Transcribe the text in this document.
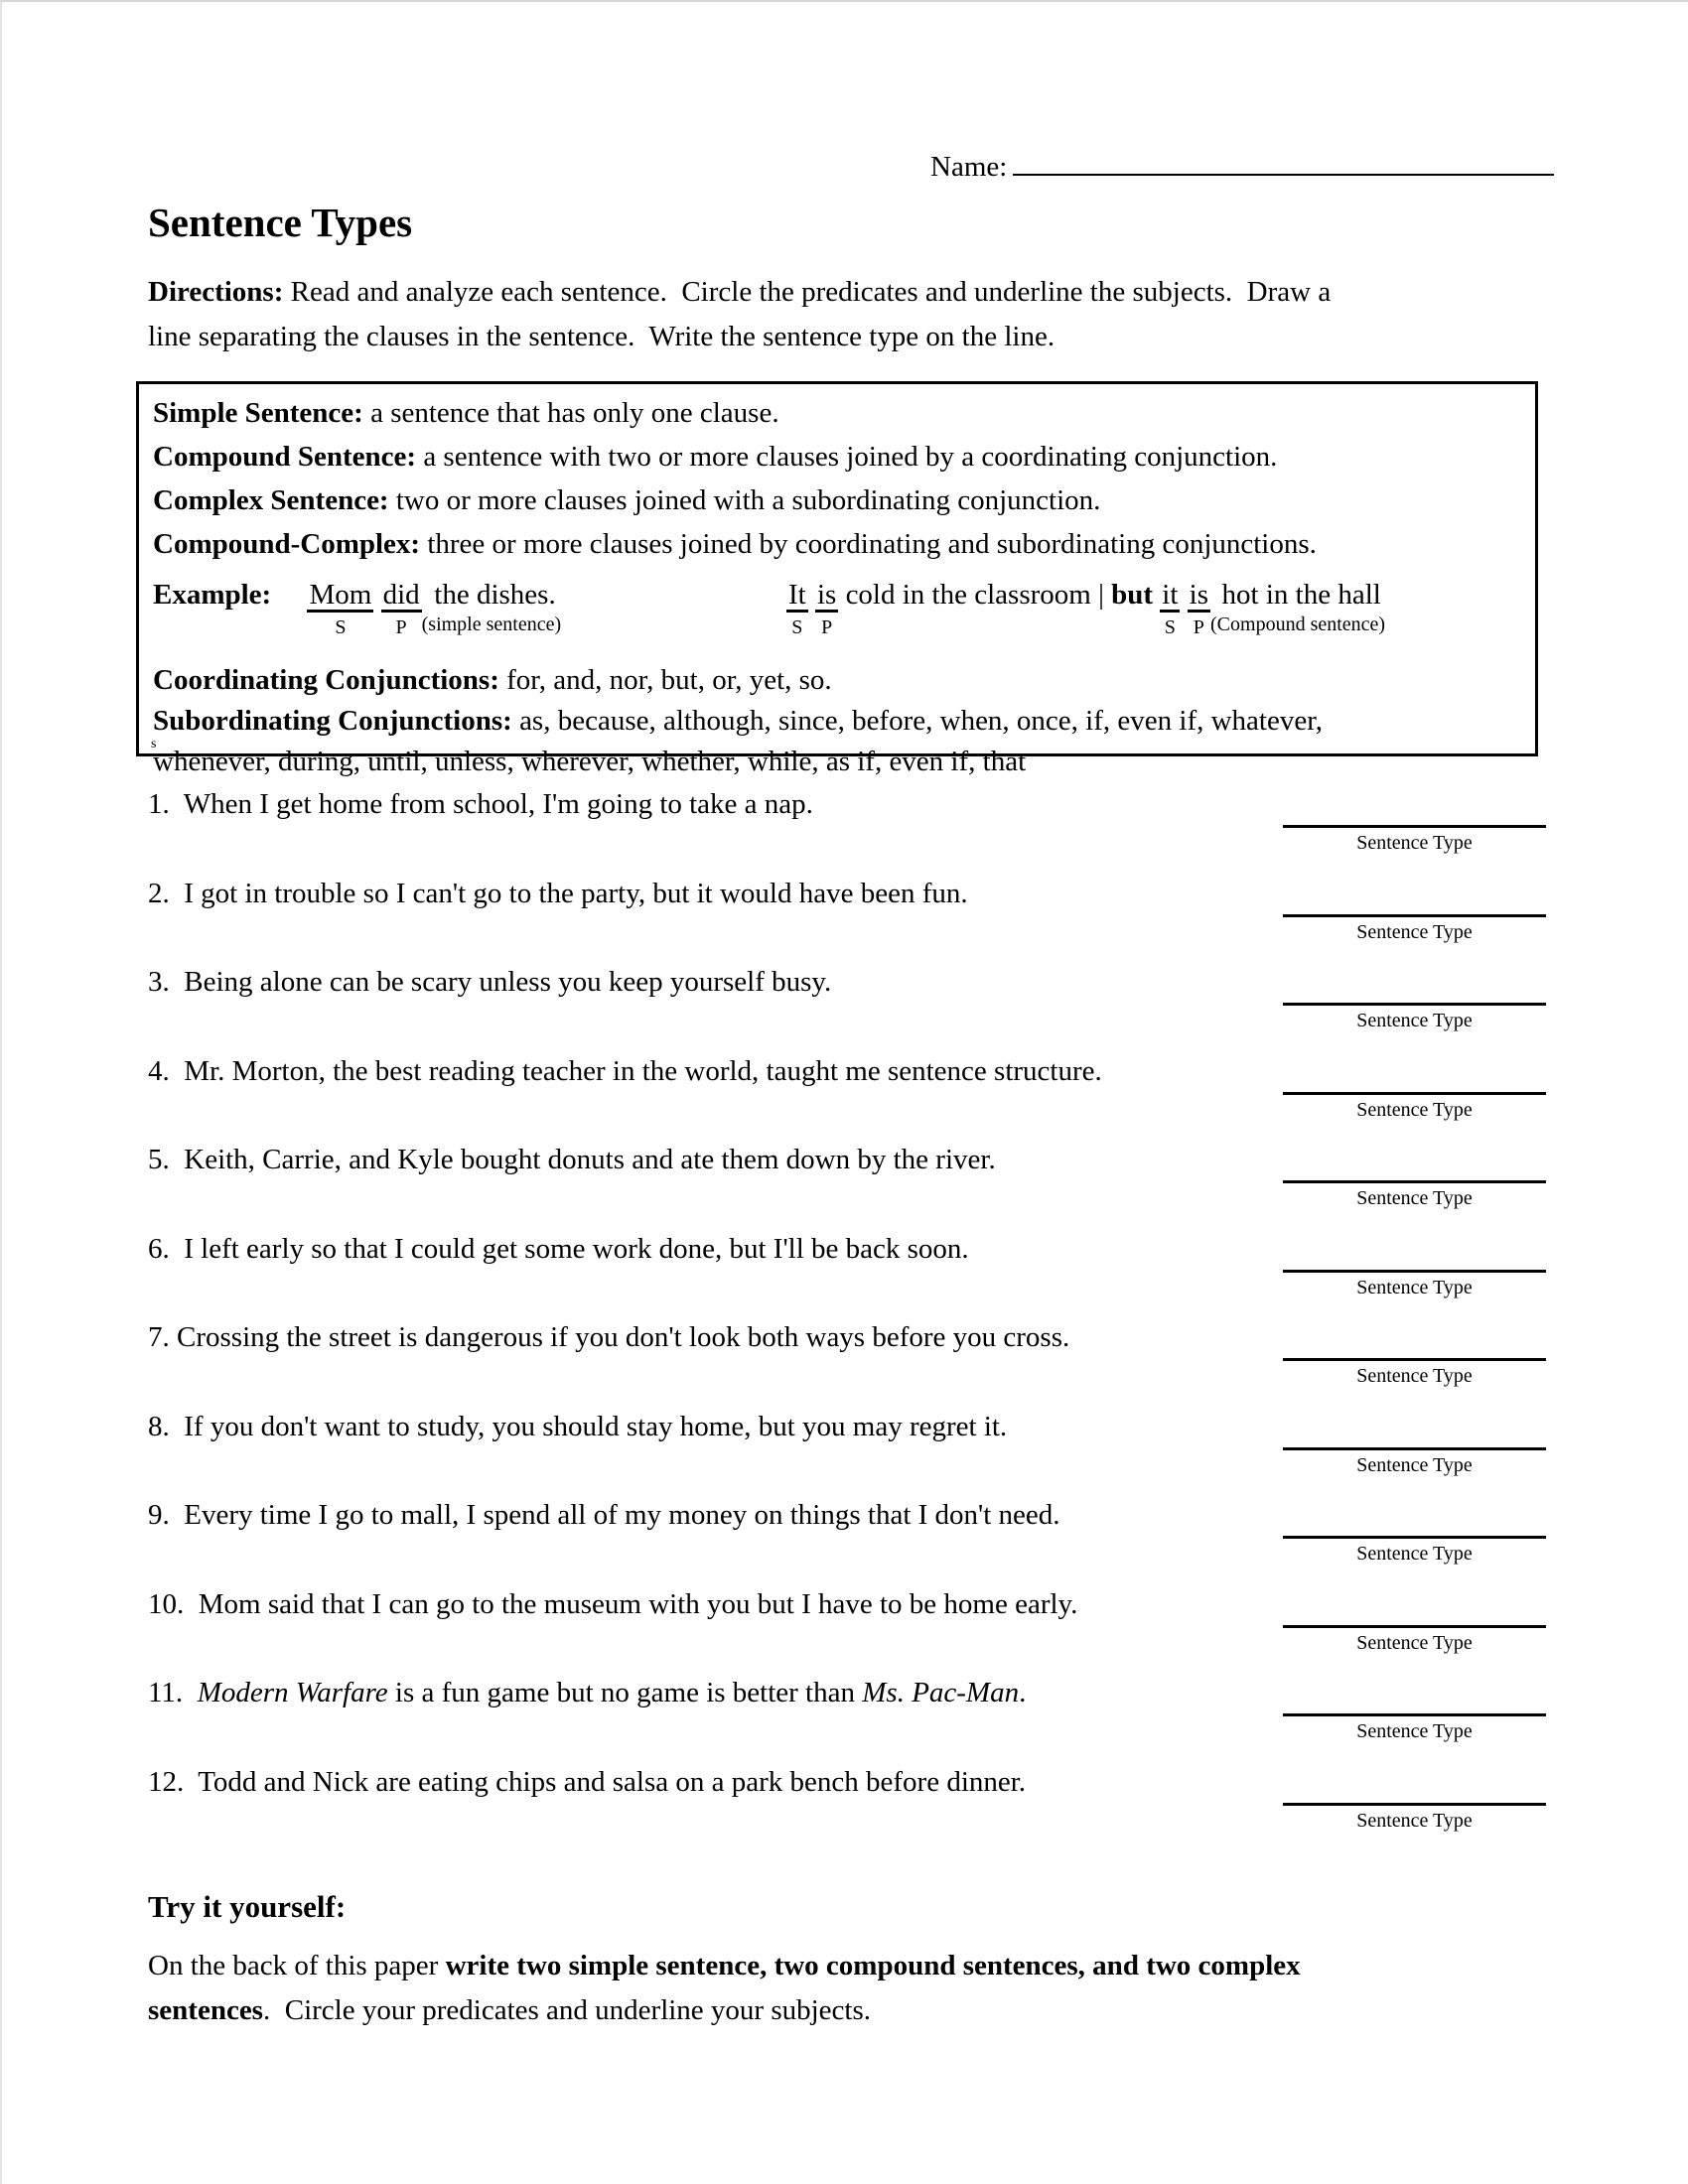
Name:
Sentence Types
Directions: Read and analyze each sentence.  Circle the predicates and underline the subjects.  Draw a
line separating the clauses in the sentence.  Write the sentence type on the line.
Simple Sentence: a sentence that has only one clause.
Compound Sentence: a sentence with two or more clauses joined by a coordinating conjunction.
Complex Sentence: two or more clauses joined with a subordinating conjunction.
Compound-Complex: three or more clauses joined by coordinating and subordinating conjunctions.
Example: Mom
S

did
P
the dishes.
(simple sentence)
It
S

is
P
cold in the classroom | but it
S

is
P
hot in the hall
(Compound sentence)
Coordinating Conjunctions: for, and, nor, but, or, yet, so.
Subordinating Conjunctions: as, because, although, since, before, when, once, if, even if, whatever,
whenever, during, until, unless, wherever, whether, while, as if, even if, that
s
1.  When I get home from school, I'm going to take a nap.
Sentence Type
2.  I got in trouble so I can't go to the party, but it would have been fun.
Sentence Type
3.  Being alone can be scary unless you keep yourself busy.
Sentence Type
4.  Mr. Morton, the best reading teacher in the world, taught me sentence structure.
Sentence Type
5.  Keith, Carrie, and Kyle bought donuts and ate them down by the river.
Sentence Type
6.  I left early so that I could get some work done, but I'll be back soon.
Sentence Type
7. Crossing the street is dangerous if you don't look both ways before you cross.
Sentence Type
8.  If you don't want to study, you should stay home, but you may regret it.
Sentence Type
9.  Every time I go to mall, I spend all of my money on things that I don't need.
Sentence Type
10.  Mom said that I can go to the museum with you but I have to be home early.
Sentence Type
11.  Modern Warfare is a fun game but no game is better than Ms. Pac-Man.
Sentence Type
12.  Todd and Nick are eating chips and salsa on a park bench before dinner.
Sentence Type
Try it yourself:
On the back of this paper write two simple sentence, two compound sentences, and two complex
sentences.  Circle your predicates and underline your subjects.
